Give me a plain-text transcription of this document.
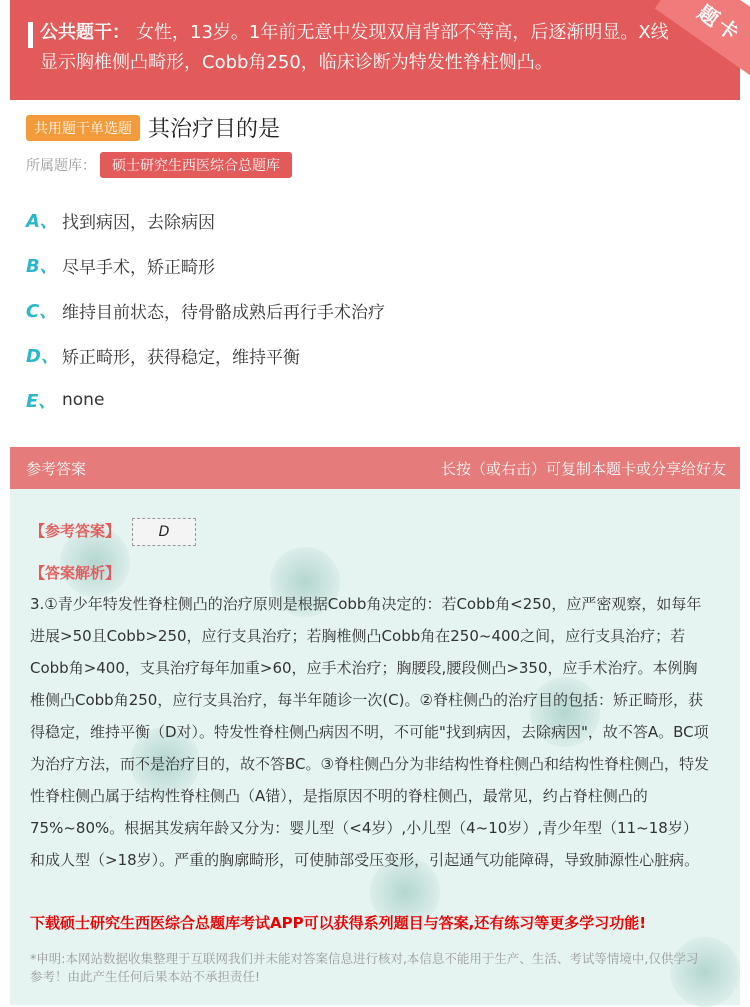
题卡
公共题干： 女性，13岁。1年前无意中发现双肩背部不等高，后逐渐明显。X线显示胸椎侧凸畸形，Cobb角250，临床诊断为特发性脊柱侧凸。
共用题干单选题 其治疗目的是
所属题库：	硕士研究生西医综合总题库
A、 找到病因，去除病因
B、 尽早手术，矫正畸形
C、 维持目前状态，待骨骼成熟后再行手术治疗
D、 矫正畸形，获得稳定，维持平衡
E、 none
参考答案	长按（或右击）可复制本题卡或分享给好友
【参考答案】	D
【答案解析】

3.①青少年特发性脊柱侧凸的治疗原则是根据Cobb角决定的：若Cobb角<250，应严密观察，如每年进展>50且Cobb>250，应行支具治疗；若胸椎侧凸Cobb角在250~400之间，应行支具治疗；若Cobb角>400，支具治疗每年加重>60，应手术治疗；胸腰段,腰段侧凸>350，应手术治疗。本例胸椎侧凸Cobb角250，应行支具治疗，每半年随诊一次(C)。②脊柱侧凸的治疗目的包括：矫正畸形，获得稳定，维持平衡（D对）。特发性脊柱侧凸病因不明，不可能"找到病因，去除病因"，故不答A。BC项为治疗方法，而不是治疗目的，故不答BC。③脊柱侧凸分为非结构性脊柱侧凸和结构性脊柱侧凸，特发性脊柱侧凸属于结构性脊柱侧凸（A错），是指原因不明的脊柱侧凸，最常见，约占脊柱侧凸的75%~80%。根据其发病年龄又分为：婴儿型（<4岁）,小儿型（4~10岁）,青少年型（11~18岁）和成人型（>18岁）。严重的胸廓畸形，可使肺部受压变形，引起通气功能障碍，导致肺源性心脏病。

下载硕士研究生西医综合总题库考试APP可以获得系列题目与答案,还有练习等更多学习功能!

*申明:本网站数据收集整理于互联网我们并未能对答案信息进行核对,本信息不能用于生产、生活、考试等情境中,仅供学习参考！由此产生任何后果本站不承担责任!
